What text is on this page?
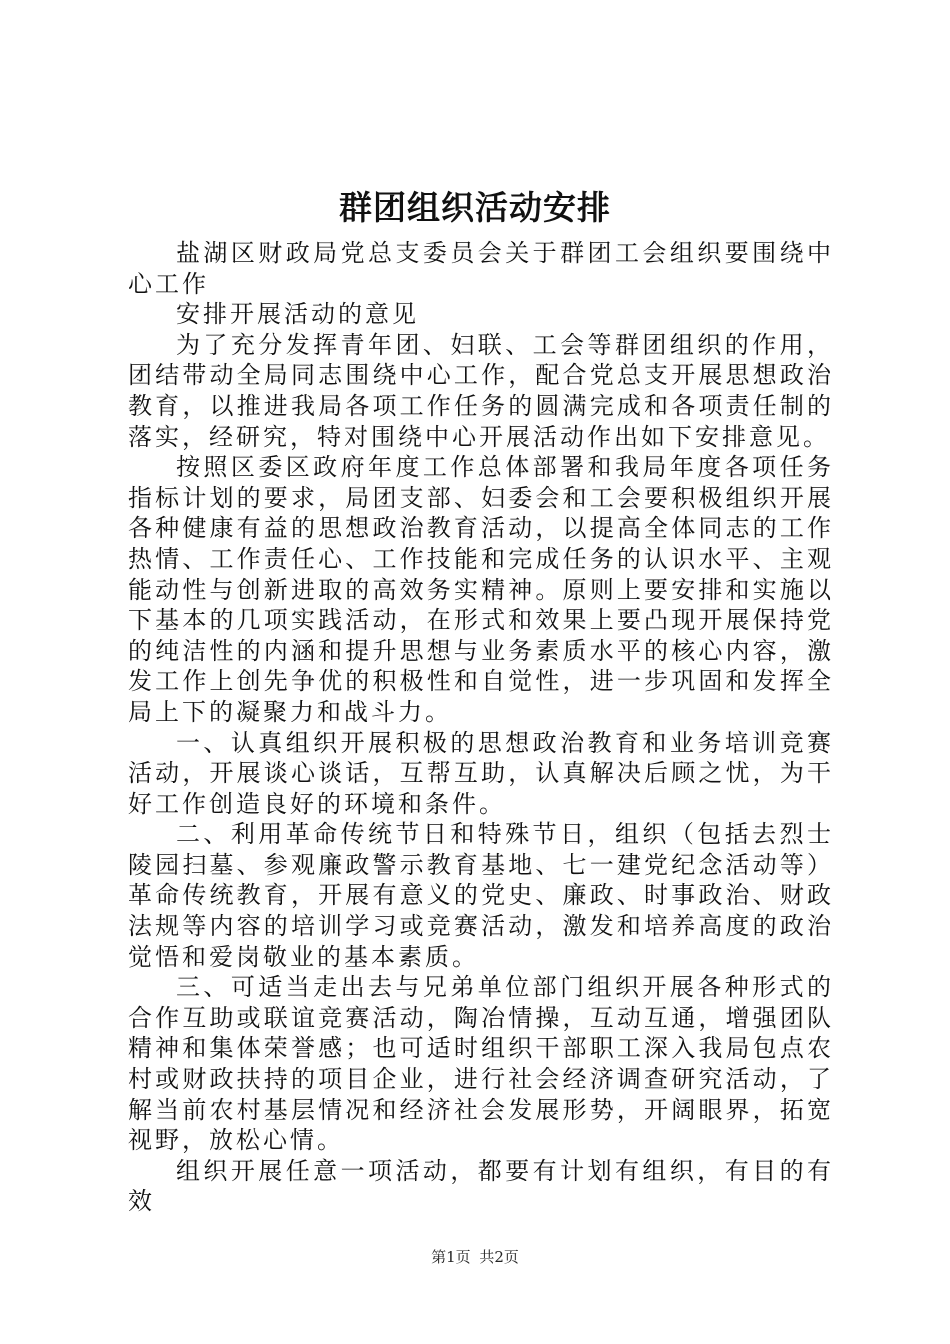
群团组织活动安排

盐湖区财政局党总支委员会关于群团工会组织要围绕中心工作

安排开展活动的意见

为了充分发挥青年团、妇联、工会等群团组织的作用，团结带动全局同志围绕中心工作，配合党总支开展思想政治教育，以推进我局各项工作任务的圆满完成和各项责任制的落实，经研究，特对围绕中心开展活动作出如下安排意见。

按照区委区政府年度工作总体部署和我局年度各项任务指标计划的要求，局团支部、妇委会和工会要积极组织开展各种健康有益的思想政治教育活动，以提高全体同志的工作热情、工作责任心、工作技能和完成任务的认识水平、主观能动性与创新进取的高效务实精神。原则上要安排和实施以下基本的几项实践活动，在形式和效果上要凸现开展保持党的纯洁性的内涵和提升思想与业务素质水平的核心内容，激发工作上创先争优的积极性和自觉性，进一步巩固和发挥全局上下的凝聚力和战斗力。

一、认真组织开展积极的思想政治教育和业务培训竞赛活动，开展谈心谈话，互帮互助，认真解决后顾之忧，为干好工作创造良好的环境和条件。

二、利用革命传统节日和特殊节日，组织（包括去烈士陵园扫墓、参观廉政警示教育基地、七一建党纪念活动等）革命传统教育，开展有意义的党史、廉政、时事政治、财政法规等内容的培训学习或竞赛活动，激发和培养高度的政治觉悟和爱岗敬业的基本素质。

三、可适当走出去与兄弟单位部门组织开展各种形式的合作互助或联谊竞赛活动，陶冶情操，互动互通，增强团队精神和集体荣誉感；也可适时组织干部职工深入我局包点农村或财政扶持的项目企业，进行社会经济调查研究活动，了解当前农村基层情况和经济社会发展形势，开阔眼界，拓宽视野，放松心情。

组织开展任意一项活动，都要有计划有组织，有目的有效

第1页 共2页
